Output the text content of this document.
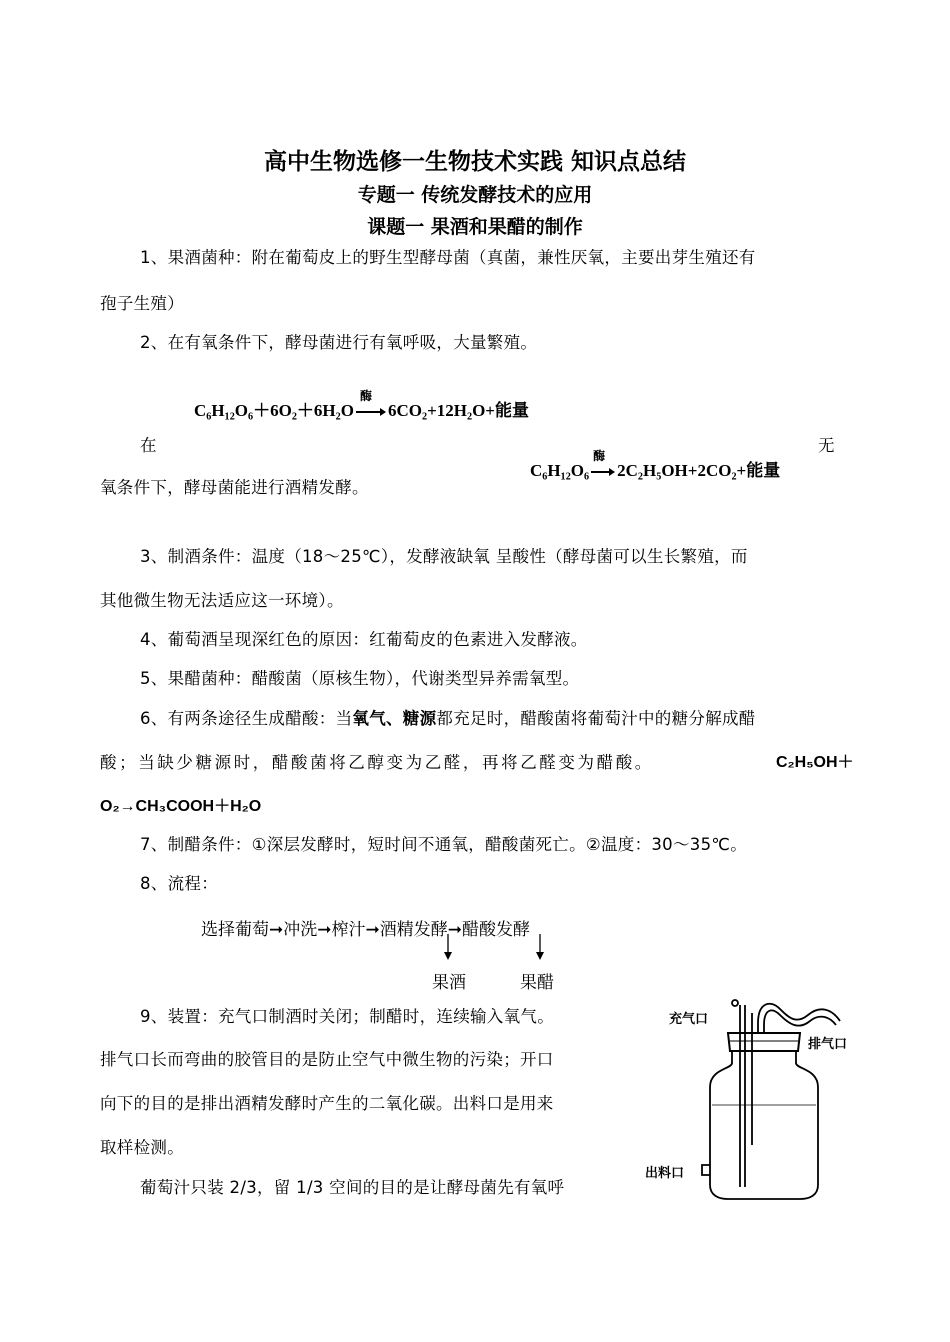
高中生物选修一生物技术实践 知识点总结
专题一 传统发酵技术的应用
课题一 果酒和果醋的制作
1、果酒菌种：附在葡萄皮上的野生型酵母菌（真菌，兼性厌氧，主要出芽生殖还有
孢子生殖）
2、在有氧条件下，酵母菌进行有氧呼吸，大量繁殖。
C₆H₁₂O₆＋6O₂＋6H₂O
酶
6CO₂+12H₂O+能量
在	无
C₆H₁₂O₆
酶
2C₂H₅OH+2CO₂+能量
氧条件下，酵母菌能进行酒精发酵。
3、制酒条件：温度（18～25℃），发酵液缺氧 呈酸性（酵母菌可以生长繁殖，而
其他微生物无法适应这一环境）。
4、葡萄酒呈现深红色的原因：红葡萄皮的色素进入发酵液。
5、果醋菌种：醋酸菌（原核生物），代谢类型异养需氧型。
6、有两条途径生成醋酸：当氧气、糖源都充足时，醋酸菌将葡萄汁中的糖分解成醋
酸；当缺少糖源时，醋酸菌将乙醇变为乙醛，再将乙醛变为醋酸。	C₂H₅OH＋
O₂→CH₃COOH＋H₂O
7、制醋条件：①深层发酵时，短时间不通氧，醋酸菌死亡。②温度：30～35℃。
8、流程：
选择葡萄➞冲洗➞榨汁➞酒精发酵➞醋酸发酵
果酒	果醋
9、装置：充气口制酒时关闭；制醋时，连续输入氧气。
排气口长而弯曲的胶管目的是防止空气中微生物的污染；开口
向下的目的是排出酒精发酵时产生的二氧化碳。出料口是用来
取样检测。
葡萄汁只装 2/3，留 1/3 空间的目的是让酵母菌先有氧呼
充气口
排气口
出料口
